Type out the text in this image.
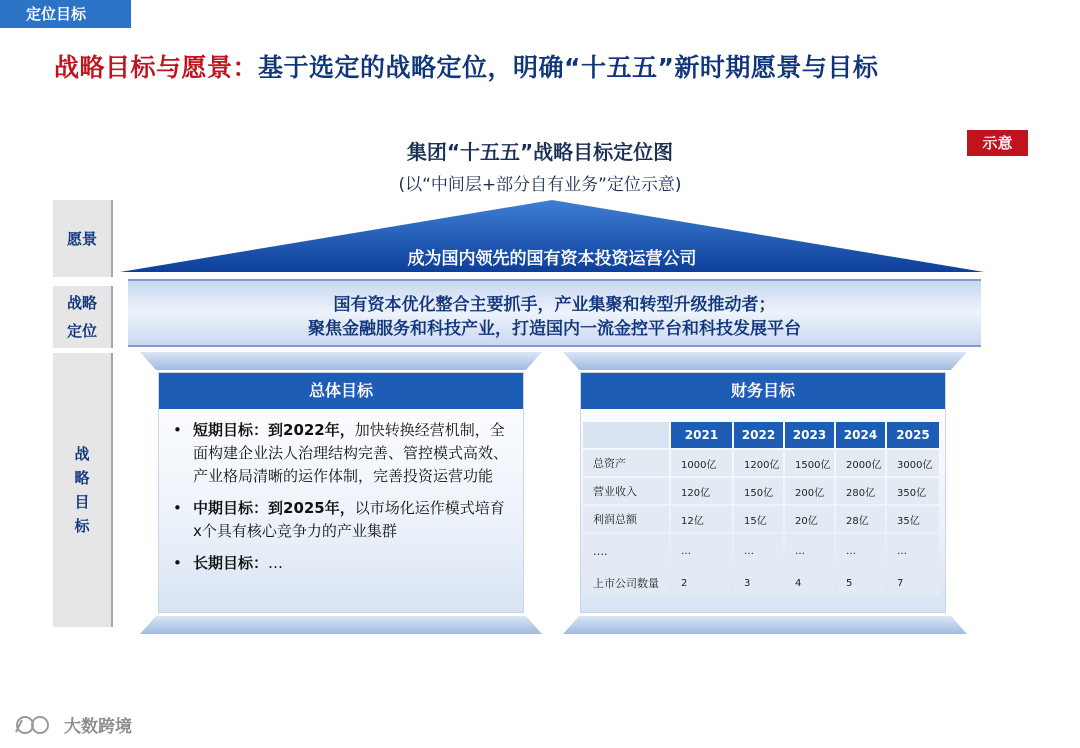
定位目标
战略目标与愿景：基于选定的战略定位，明确“十五五”新时期愿景与目标
集团“十五五”战略目标定位图
(以“中间层+部分自有业务”定位示意)
示意
愿景
战略
定位
战
略
目
标
成为国内领先的国有资本投资运营公司
国有资本优化整合主要抓手，产业集聚和转型升级推动者；
聚焦金融服务和科技产业，打造国内一流金控平台和科技发展平台
总体目标
• 短期目标：到2022年，加快转换经营机制，全面构建企业法人治理结构完善、管控模式高效、产业格局清晰的运作体制，完善投资运营功能
• 中期目标：到2025年，以市场化运作模式培育x个具有核心竞争力的产业集群
• 长期目标：…
财务目标
	2021	2022	2023	2024	2025
总资产	1000亿	1200亿	1500亿	2000亿	3000亿
营业收入	120亿	150亿	200亿	280亿	350亿
利润总额	12亿	15亿	20亿	28亿	35亿
….	…	…	…	…	…
上市公司数量	2	3	4	5	7
大数跨境
